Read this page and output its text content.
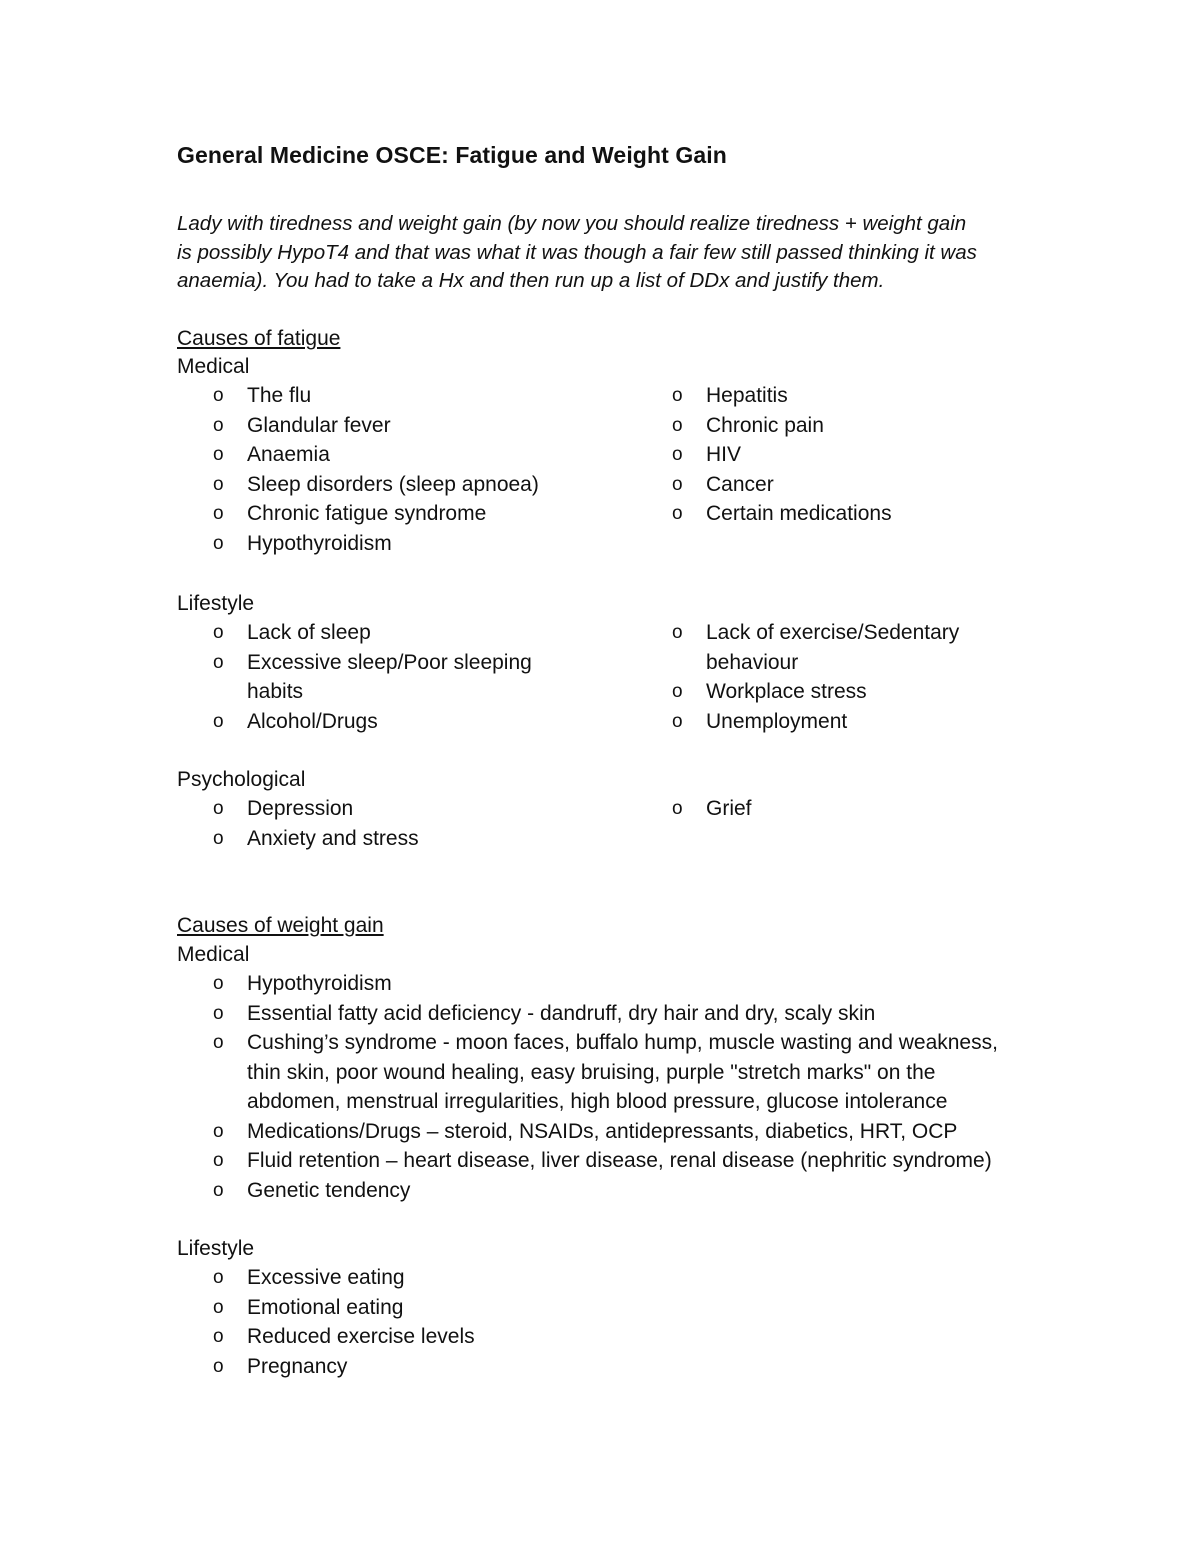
General Medicine OSCE: Fatigue and Weight Gain
Lady with tiredness and weight gain (by now you should realize tiredness + weight gain
is possibly HypoT4 and that was what it was though a fair few still passed thinking it was
anaemia). You had to take a Hx and then run up a list of DDx and justify them.
Causes of fatigue
Medical
o The flu
o Glandular fever
o Anaemia
o Sleep disorders (sleep apnoea)
o Chronic fatigue syndrome
o Hypothyroidism
o Hepatitis
o Chronic pain
o HIV
o Cancer
o Certain medications
Lifestyle
o Lack of sleep
o Excessive sleep/Poor sleeping
habits
o Alcohol/Drugs
o Lack of exercise/Sedentary
behaviour
o Workplace stress
o Unemployment
Psychological
o Depression
o Anxiety and stress
o Grief
Causes of weight gain
Medical
o Hypothyroidism
o Essential fatty acid deficiency - dandruff, dry hair and dry, scaly skin
o Cushing’s syndrome - moon faces, buffalo hump, muscle wasting and weakness,
thin skin, poor wound healing, easy bruising, purple "stretch marks" on the
abdomen, menstrual irregularities, high blood pressure, glucose intolerance
o Medications/Drugs – steroid, NSAIDs, antidepressants, diabetics, HRT, OCP
o Fluid retention – heart disease, liver disease, renal disease (nephritic syndrome)
o Genetic tendency
Lifestyle
o Excessive eating
o Emotional eating
o Reduced exercise levels
o Pregnancy
